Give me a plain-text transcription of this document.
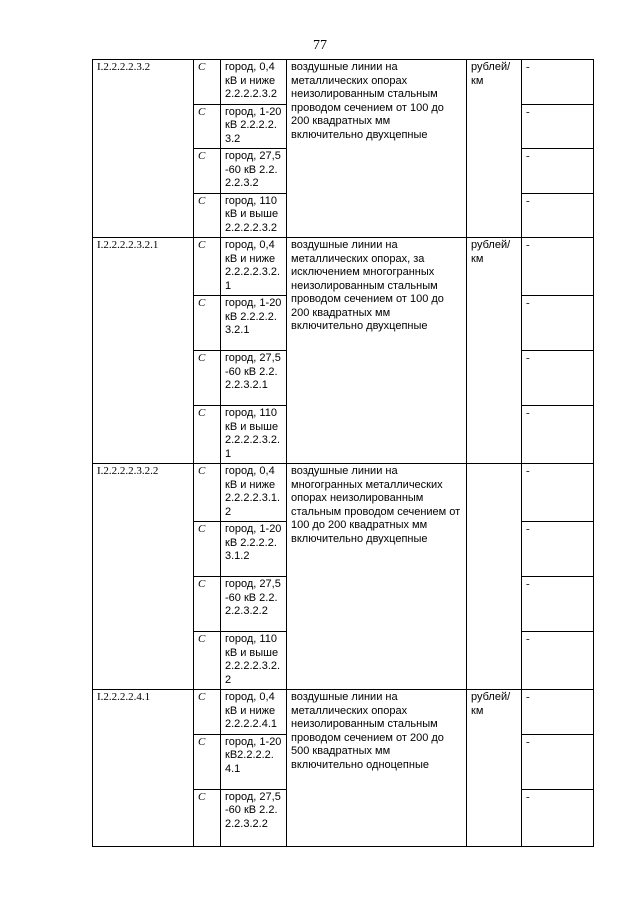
77
I.2.2.2.2.3.2	С	город, 0,4 кВ и ниже 2.2.2.2.3.2	воздушные линии на металлических опорах неизолированным стальным проводом сечением от 100 до 200 квадратных мм включительно двухцепные	рублей/ км	-
	С	город, 1-20 кВ 2.2.2.2.3.2			-
	С	город, 27,5-60 кВ 2.2.2.2.3.2			-
	С	город, 110 кВ и выше 2.2.2.2.3.2			-
I.2.2.2.2.3.2.1	С	город, 0,4 кВ и ниже 2.2.2.2.3.2.1	воздушные линии на металлических опорах, за исключением многогранных неизолированным стальным проводом сечением от 100 до 200 квадратных мм включительно двухцепные	рублей/ км	-
	С	город, 1-20 кВ 2.2.2.2.3.2.1			-
	С	город, 27,5-60 кВ 2.2.2.2.3.2.1			-
	С	город, 110 кВ и выше 2.2.2.2.3.2.1			-
I.2.2.2.2.3.2.2	С	город, 0,4 кВ и ниже 2.2.2.2.3.1.2	воздушные линии на многогранных металлических опорах неизолированным стальным проводом сечением от 100 до 200 квадратных мм включительно двухцепные		-
	С	город, 1-20 кВ 2.2.2.2.3.1.2			-
	С	город, 27,5-60 кВ 2.2.2.2.3.2.2			-
	С	город, 110 кВ и выше 2.2.2.2.3.2.2			-
I.2.2.2.2.4.1	С	город, 0,4 кВ и ниже 2.2.2.2.4.1	воздушные линии на металлических опорах неизолированным стальным проводом сечением от 200 до 500 квадратных мм включительно одноцепные	рублей/ км	-
	С	город, 1-20 кВ2.2.2.2.4.1			-
	С	город, 27,5-60 кВ 2.2.2.2.3.2.2			-
